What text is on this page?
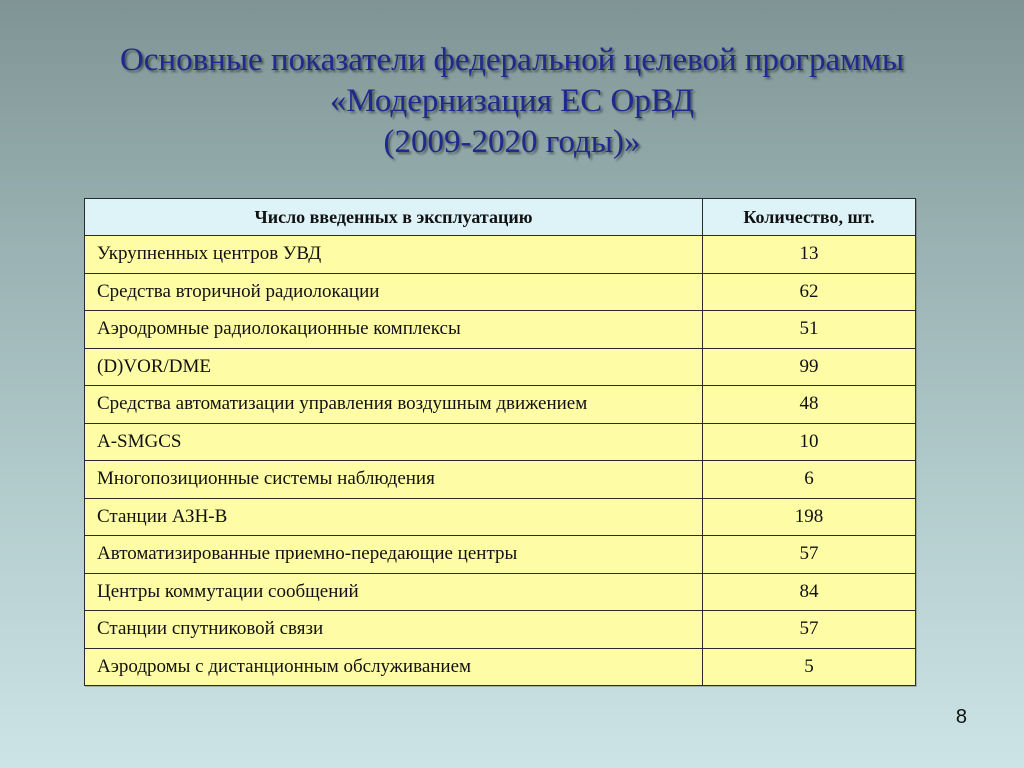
Основные показатели федеральной целевой программы
«Модернизация ЕС ОрВД
(2009-2020 годы)»
Число введенных в эксплуатацию	Количество, шт.
Укрупненных центров УВД	13
Средства вторичной радиолокации	62
Аэродромные радиолокационные комплексы	51
(D)VOR/DME	99
Средства автоматизации управления воздушным движением	48
A-SMGCS	10
Многопозиционные системы наблюдения	6
Станции АЗН-В	198
Автоматизированные приемно-передающие центры	57
Центры коммутации сообщений	84
Станции спутниковой связи	57
Аэродромы с дистанционным обслуживанием	5
8
